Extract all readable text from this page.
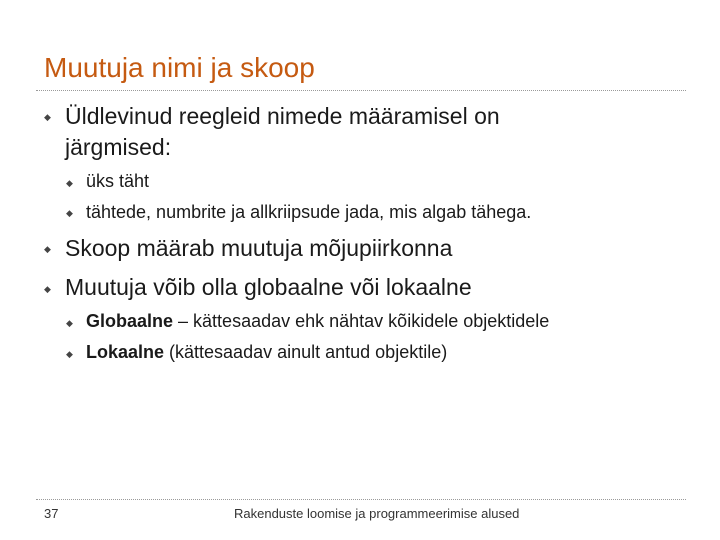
Muutuja nimi ja skoop
◆ Üldlevinud reegleid nimede määramisel on
järgmised:
◆ üks täht
◆ tähtede, numbrite ja allkriipsude jada, mis algab tähega.
◆ Skoop määrab muutuja mõjupiirkonna
◆ Muutuja võib olla globaalne või lokaalne
◆ Globaalne – kättesaadav ehk nähtav kõikidele objektidele
◆ Lokaalne (kättesaadav ainult antud objektile)
37	Rakenduste loomise ja programmeerimise alused
